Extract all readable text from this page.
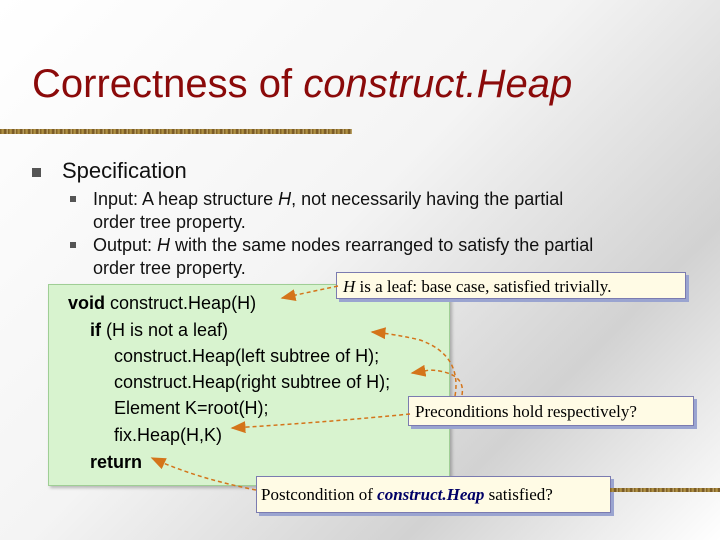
Correctness of construct.Heap
Specification
Input: A heap structure H, not necessarily having the partial
order tree property.
Output: H with the same nodes rearranged to satisfy the partial
order tree property.
void construct.Heap(H)
if (H is not a leaf)
construct.Heap(left subtree of H);
construct.Heap(right subtree of H);
Element K=root(H);
fix.Heap(H,K)
return
H is a leaf: base case, satisfied trivially.
Preconditions hold respectively?
Postcondition of construct.Heap satisfied?
